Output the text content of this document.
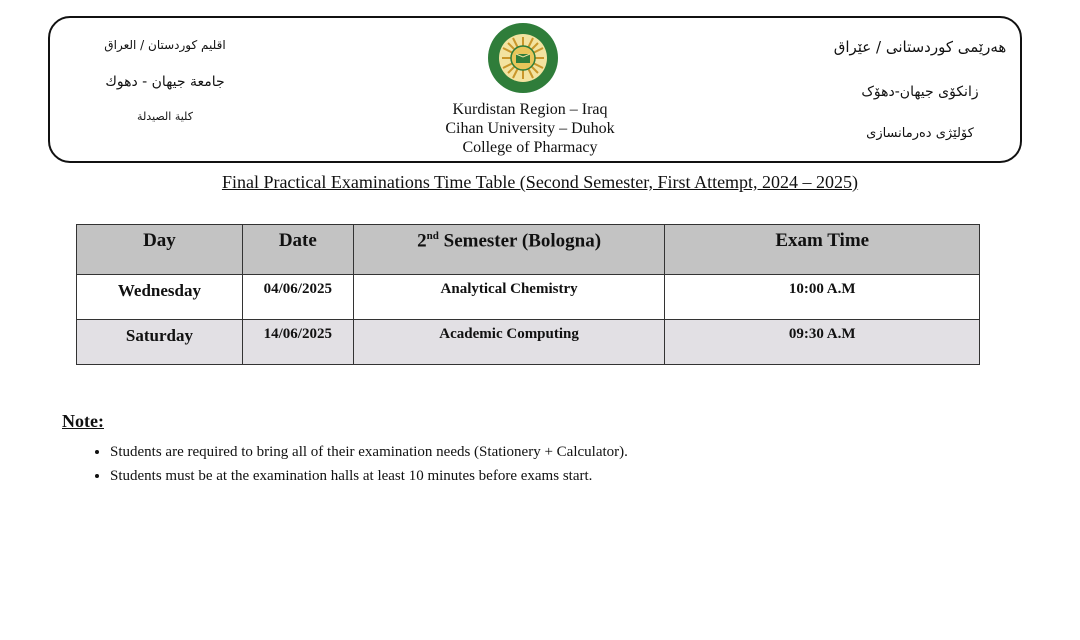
اقليم كوردستان / العراق
جامعة جيهان - دهوك
كلية الصيدلة	Kurdistan Region – Iraq
Cihan University – Duhok
College of Pharmacy
هەرێمی کوردستانی / عێراق
زانکۆی جیهان-دهۆک
کۆلێژی دەرمانسازی
Final Practical Examinations Time Table (Second Semester, First Attempt, 2024 – 2025)
Day	Date	2nd Semester (Bologna)	Exam Time
Wednesday	04/06/2025	Analytical Chemistry	10:00 A.M
Saturday	14/06/2025	Academic Computing	09:30 A.M
Note:
• Students are required to bring all of their examination needs (Stationery + Calculator).
• Students must be at the examination halls at least 10 minutes before exams start.
